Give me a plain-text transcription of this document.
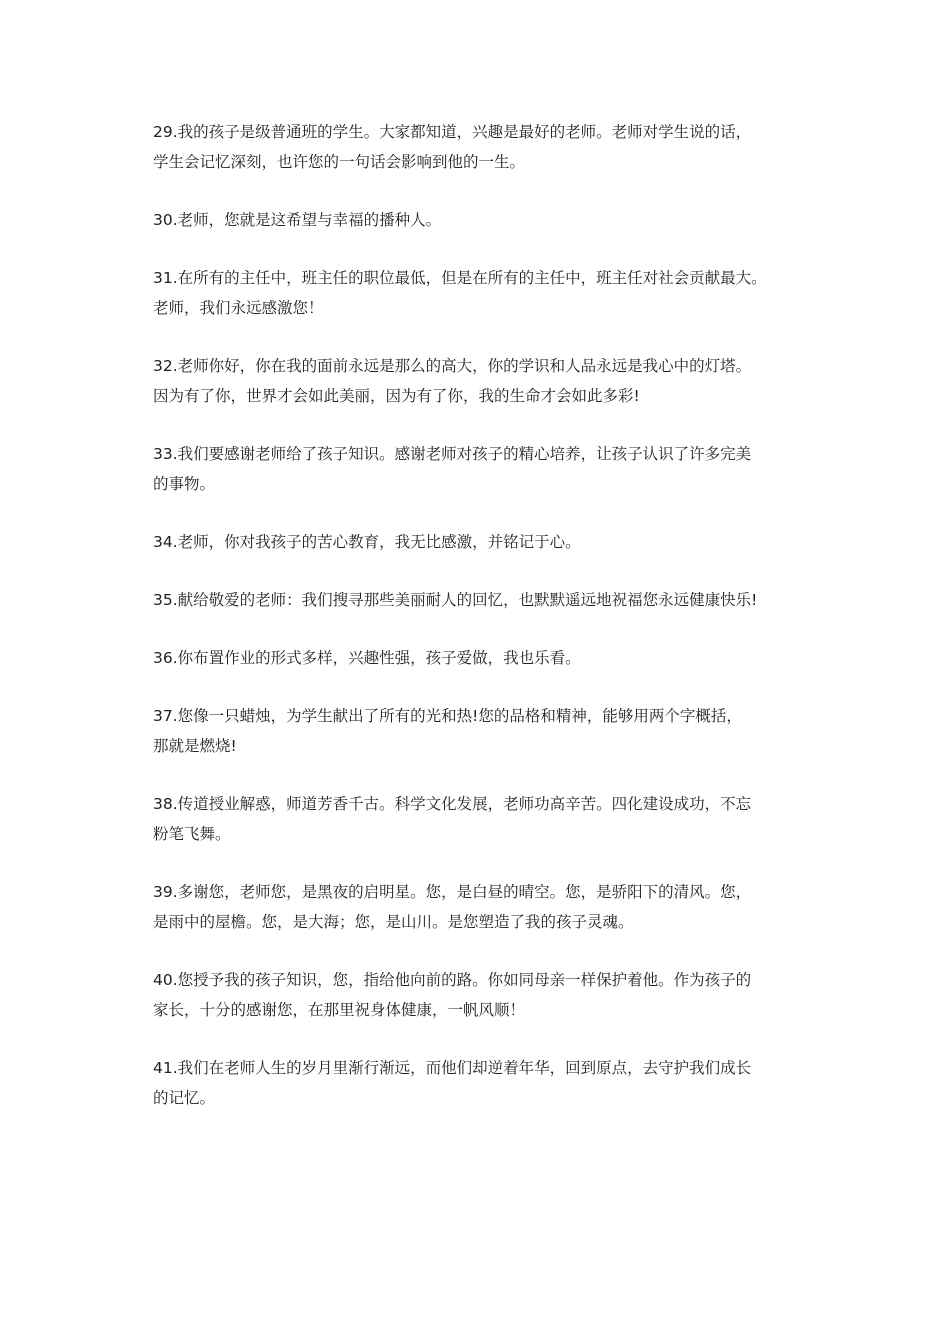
29.我的孩子是级普通班的学生。大家都知道，兴趣是最好的老师。老师对学生说的话，
学生会记忆深刻，也许您的一句话会影响到他的一生。
30.老师，您就是这希望与幸福的播种人。
31.在所有的主任中，班主任的职位最低，但是在所有的主任中，班主任对社会贡献最大。
老师，我们永远感激您！
32.老师你好，你在我的面前永远是那么的高大，你的学识和人品永远是我心中的灯塔。
因为有了你，世界才会如此美丽，因为有了你，我的生命才会如此多彩!
33.我们要感谢老师给了孩子知识。感谢老师对孩子的精心培养，让孩子认识了许多完美
的事物。
34.老师，你对我孩子的苦心教育，我无比感激，并铭记于心。
35.献给敬爱的老师：我们搜寻那些美丽耐人的回忆，也默默遥远地祝福您永远健康快乐!
36.你布置作业的形式多样，兴趣性强，孩子爱做，我也乐看。
37.您像一只蜡烛，为学生献出了所有的光和热!您的品格和精神，能够用两个字概括，
那就是燃烧!
38.传道授业解惑，师道芳香千古。科学文化发展，老师功高辛苦。四化建设成功，不忘
粉笔飞舞。
39.多谢您，老师您，是黑夜的启明星。您，是白昼的晴空。您，是骄阳下的清风。您，
是雨中的屋檐。您，是大海；您，是山川。是您塑造了我的孩子灵魂。
40.您授予我的孩子知识，您，指给他向前的路。你如同母亲一样保护着他。作为孩子的
家长，十分的感谢您，在那里祝身体健康，一帆风顺！
41.我们在老师人生的岁月里渐行渐远，而他们却逆着年华，回到原点，去守护我们成长
的记忆。
